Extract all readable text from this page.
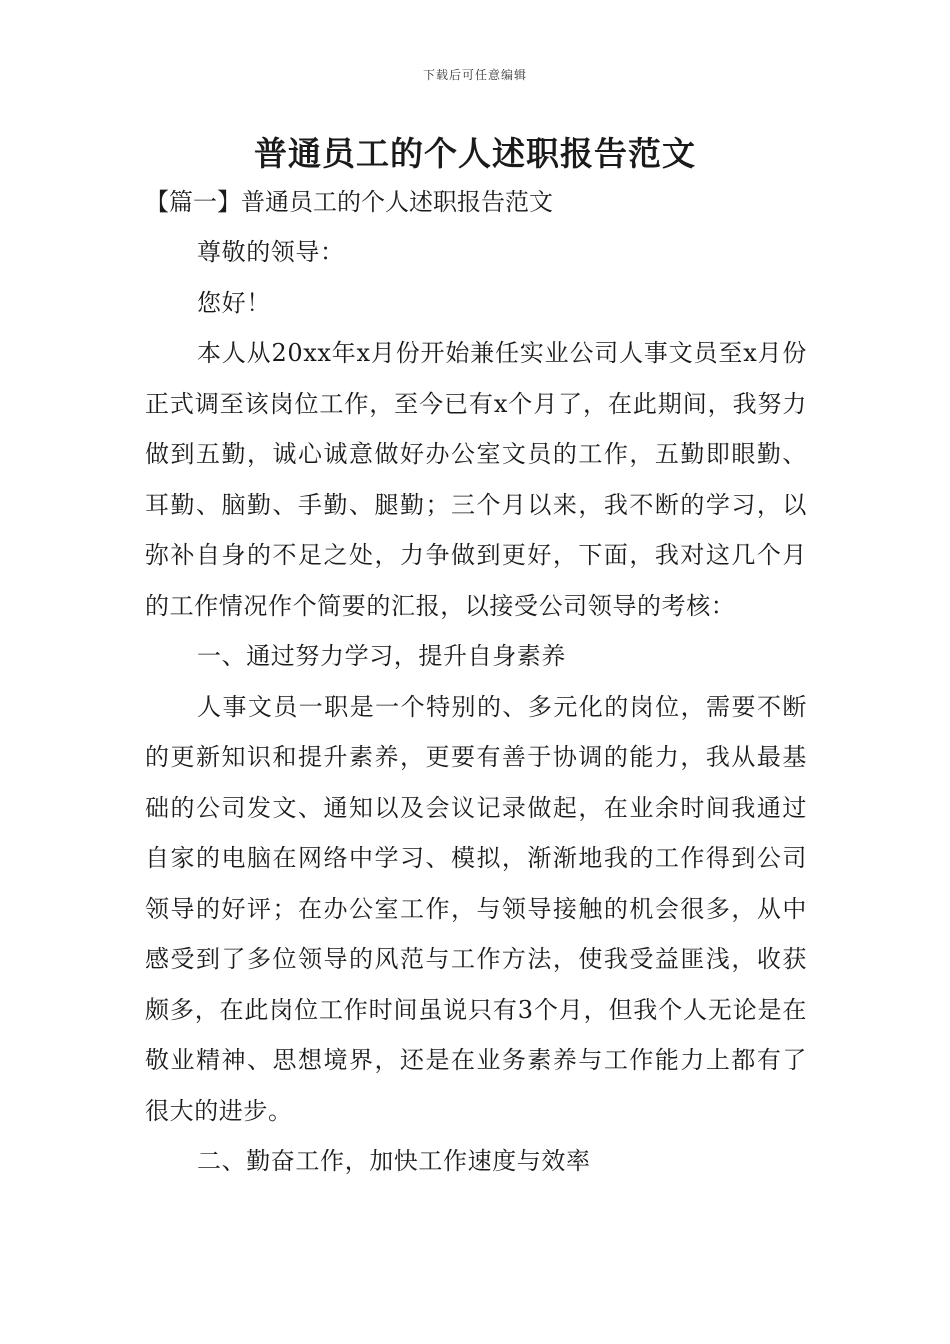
下载后可任意编辑
普通员工的个人述职报告范文
【篇一】普通员工的个人述职报告范文

尊敬的领导：

您好！

本人从20xx年x月份开始兼任实业公司人事文员至x月份正式调至该岗位工作，至今已有x个月了，在此期间，我努力做到五勤，诚心诚意做好办公室文员的工作，五勤即眼勤、耳勤、脑勤、手勤、腿勤；三个月以来，我不断的学习，以弥补自身的不足之处，力争做到更好，下面，我对这几个月的工作情况作个简要的汇报，以接受公司领导的考核：

一、通过努力学习，提升自身素养

人事文员一职是一个特别的、多元化的岗位，需要不断的更新知识和提升素养，更要有善于协调的能力，我从最基础的公司发文、通知以及会议记录做起，在业余时间我通过自家的电脑在网络中学习、模拟，渐渐地我的工作得到公司领导的好评；在办公室工作，与领导接触的机会很多，从中感受到了多位领导的风范与工作方法，使我受益匪浅，收获颇多，在此岗位工作时间虽说只有3个月，但我个人无论是在敬业精神、思想境界，还是在业务素养与工作能力上都有了很大的进步。

二、勤奋工作，加快工作速度与效率
